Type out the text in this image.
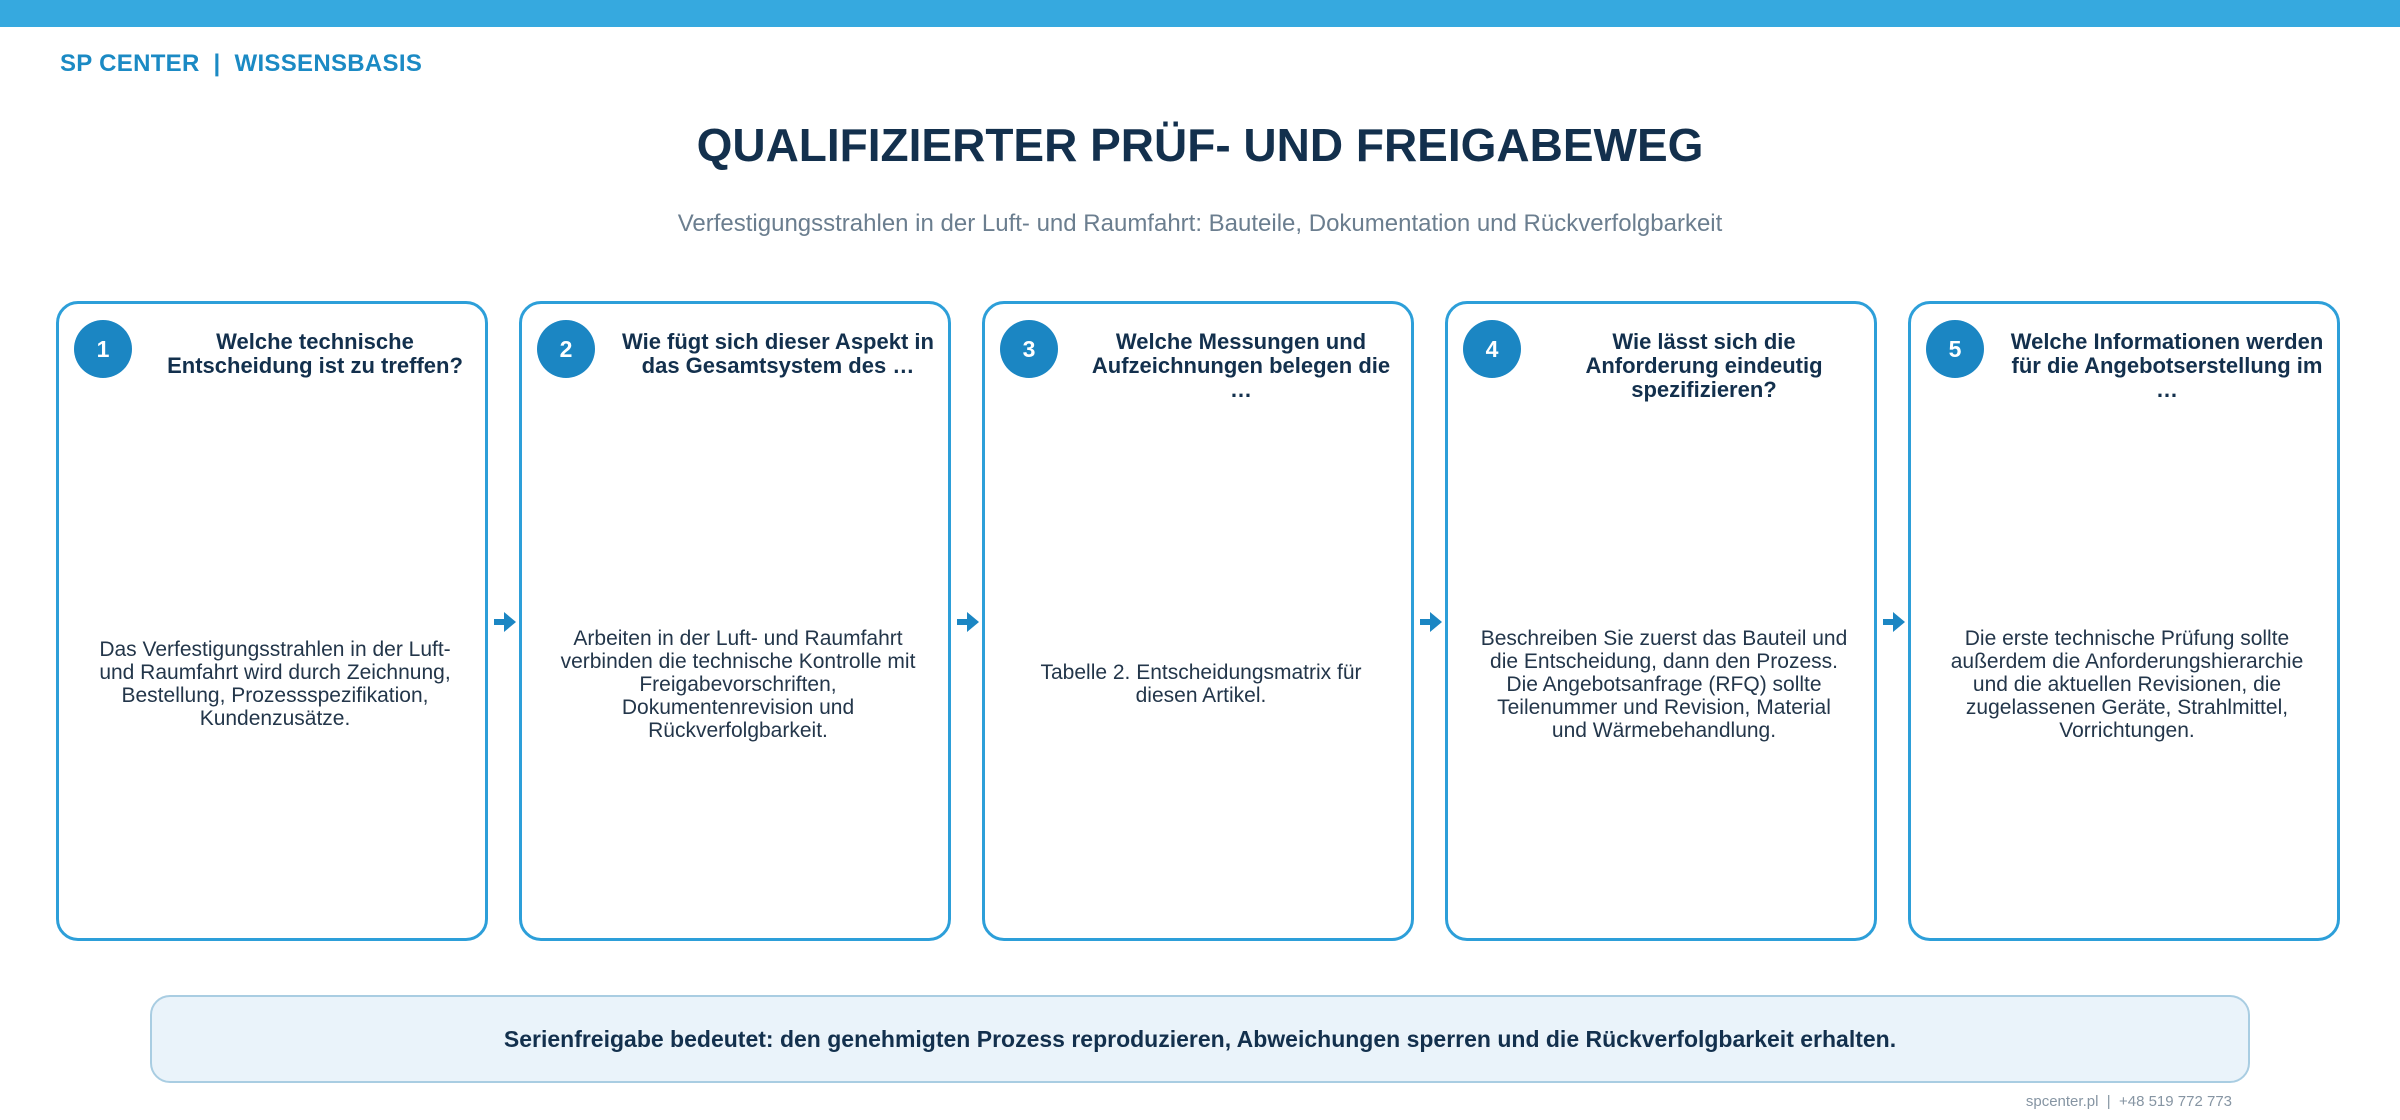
SP CENTER  |  WISSENSBASIS
QUALIFIZIERTER PRÜF- UND FREIGABEWEG
Verfestigungsstrahlen in der Luft- und Raumfahrt: Bauteile, Dokumentation und Rückverfolgbarkeit
1	Welche technische Entscheidung ist zu treffen?
Das Verfestigungsstrahlen in der Luft- und Raumfahrt wird durch Zeichnung, Bestellung, Prozessspezifikation, Kundenzusätze.
2	Wie fügt sich dieser Aspekt in das Gesamtsystem des …
Arbeiten in der Luft- und Raumfahrt verbinden die technische Kontrolle mit Freigabevorschriften, Dokumentenrevision und Rückverfolgbarkeit.
3	Welche Messungen und Aufzeichnungen belegen die …
Tabelle 2. Entscheidungsmatrix für diesen Artikel.
4	Wie lässt sich die Anforderung eindeutig spezifizieren?
Beschreiben Sie zuerst das Bauteil und die Entscheidung, dann den Prozess. Die Angebotsanfrage (RFQ) sollte Teilenummer und Revision, Material und Wärmebehandlung.
5	Welche Informationen werden für die Angebotserstellung im …
Die erste technische Prüfung sollte außerdem die Anforderungshierarchie und die aktuellen Revisionen, die zugelassenen Geräte, Strahlmittel, Vorrichtungen.
Serienfreigabe bedeutet: den genehmigten Prozess reproduzieren, Abweichungen sperren und die Rückverfolgbarkeit erhalten.
spcenter.pl  |  +48 519 772 773
